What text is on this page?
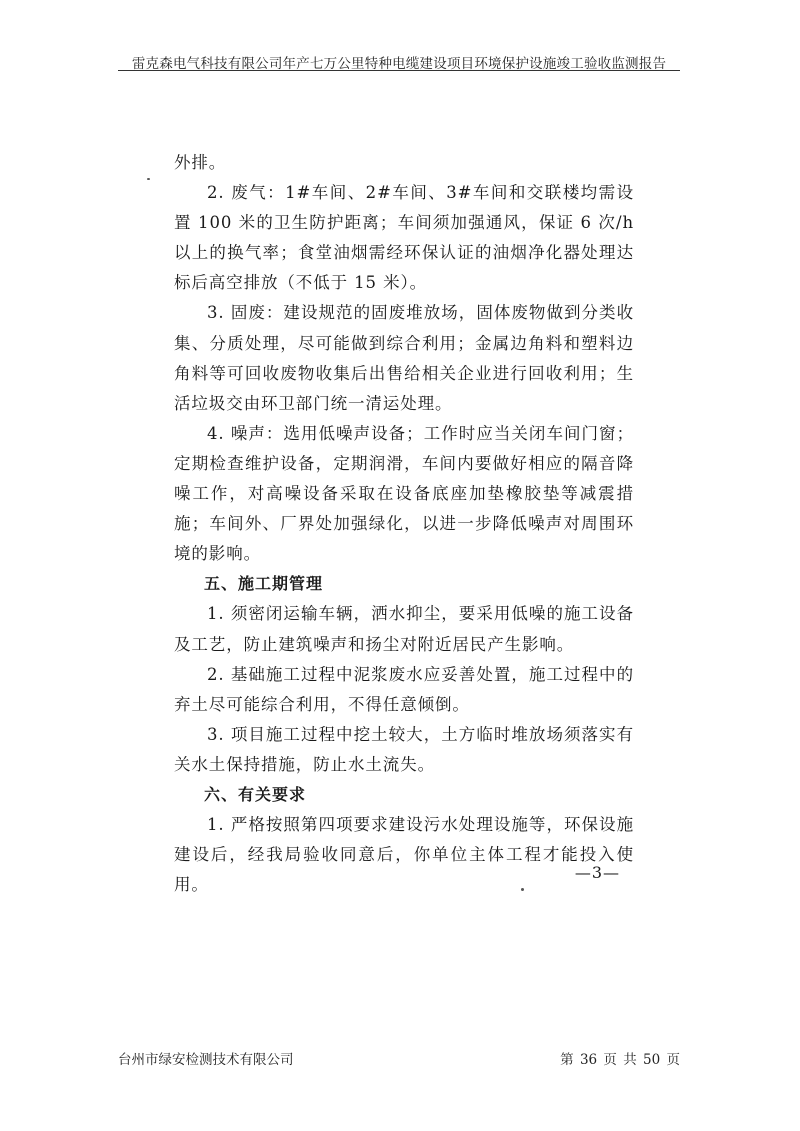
雷克森电气科技有限公司年产七万公里特种电缆建设项目环境保护设施竣工验收监测报告

外排。

2. 废气：1#车间、2#车间、3#车间和交联楼均需设置 100 米的卫生防护距离；车间须加强通风，保证 6 次/h 以上的换气率；食堂油烟需经环保认证的油烟净化器处理达标后高空排放（不低于 15 米）。

3. 固废：建设规范的固废堆放场，固体废物做到分类收集、分质处理，尽可能做到综合利用；金属边角料和塑料边角料等可回收废物收集后出售给相关企业进行回收利用；生活垃圾交由环卫部门统一清运处理。

4. 噪声：选用低噪声设备；工作时应当关闭车间门窗；定期检查维护设备，定期润滑，车间内要做好相应的隔音降噪工作，对高噪设备采取在设备底座加垫橡胶垫等减震措施；车间外、厂界处加强绿化，以进一步降低噪声对周围环境的影响。

五、施工期管理

1. 须密闭运输车辆，洒水抑尘，要采用低噪的施工设备及工艺，防止建筑噪声和扬尘对附近居民产生影响。

2. 基础施工过程中泥浆废水应妥善处置，施工过程中的弃土尽可能综合利用，不得任意倾倒。

3. 项目施工过程中挖土较大，土方临时堆放场须落实有关水土保持措施，防止水土流失。

六、有关要求

1. 严格按照第四项要求建设污水处理设施等，环保设施建设后，经我局验收同意后，你单位主体工程才能投入使用。

—3—
台州市绿安检测技术有限公司	第 36 页 共 50 页
